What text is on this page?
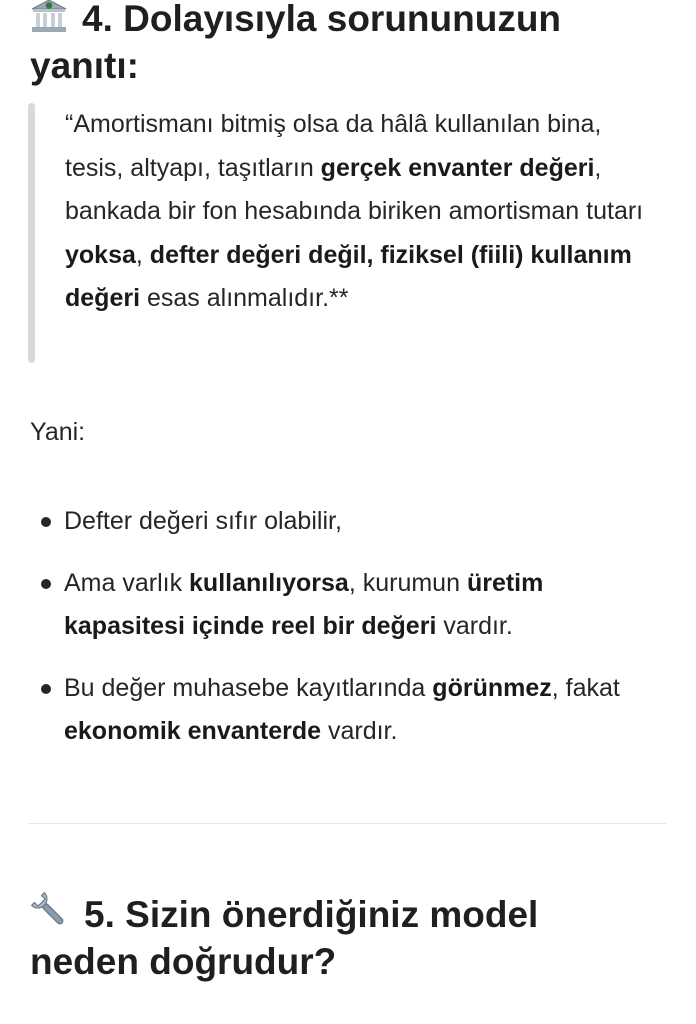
4. Dolayısıyla sorununuzun yanıtı:

“Amortismanı bitmiş olsa da hâlâ kullanılan bina, tesis, altyapı, taşıtların gerçek envanter değeri, bankada bir fon hesabında biriken amortisman tutarı yoksa, defter değeri değil, fiziksel (fiili) kullanım değeri esas alınmalıdır.**

Yani:

Defter değeri sıfır olabilir,
Ama varlık kullanılıyorsa, kurumun üretim kapasitesi içinde reel bir değeri vardır.
Bu değer muhasebe kayıtlarında görünmez, fakat ekonomik envanterde vardır.
5. Sizin önerdiğiniz model neden doğrudur?
